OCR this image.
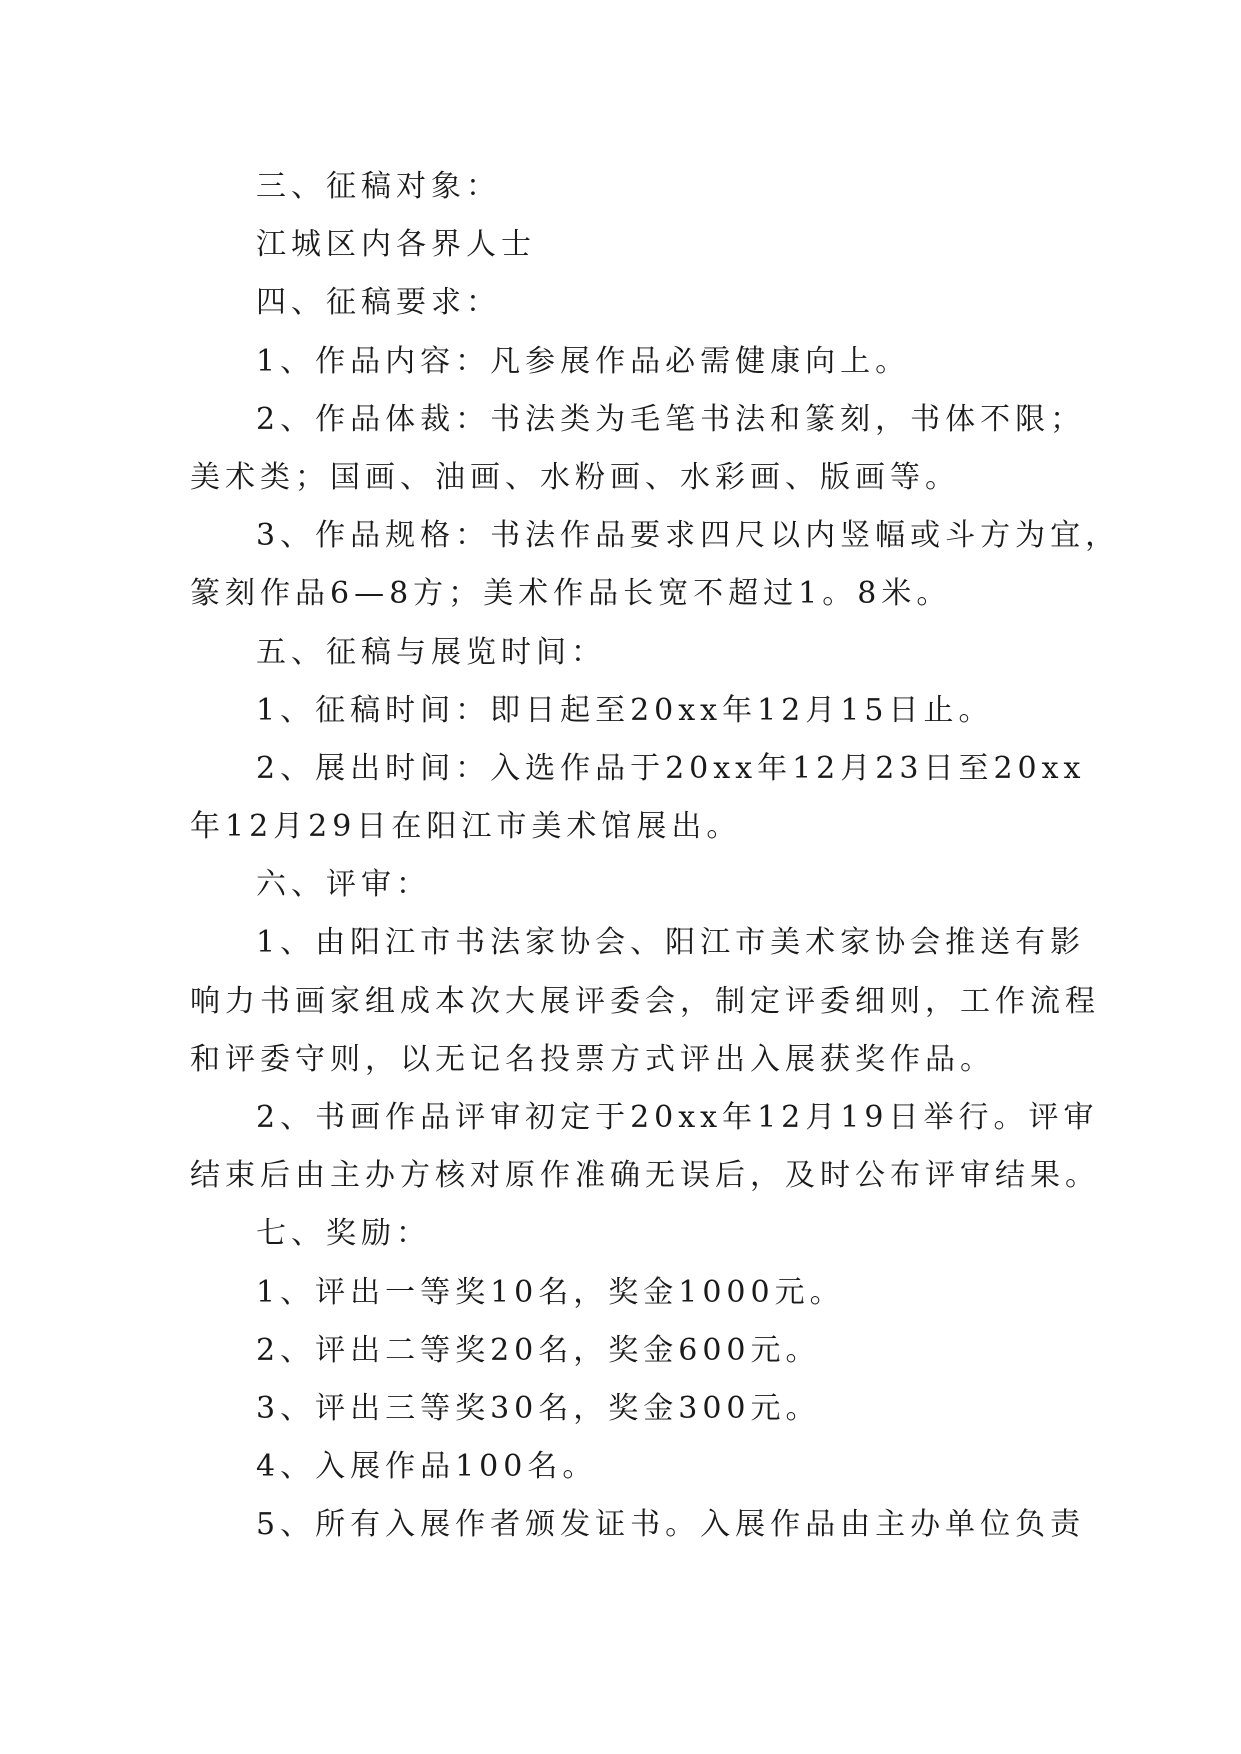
三、征稿对象：

江城区内各界人士

四、征稿要求：

1、作品内容：凡参展作品必需健康向上。

2、作品体裁：书法类为毛笔书法和篆刻，书体不限；

美术类；国画、油画、水粉画、水彩画、版画等。

3、作品规格：书法作品要求四尺以内竖幅或斗方为宜，

篆刻作品6—8方；美术作品长宽不超过1。8米。

五、征稿与展览时间：

1、征稿时间：即日起至20xx年12月15日止。

2、展出时间：入选作品于20xx年12月23日至20xx

年12月29日在阳江市美术馆展出。

六、评审：

1、由阳江市书法家协会、阳江市美术家协会推送有影

响力书画家组成本次大展评委会，制定评委细则，工作流程

和评委守则，以无记名投票方式评出入展获奖作品。

2、书画作品评审初定于20xx年12月19日举行。评审

结束后由主办方核对原作准确无误后，及时公布评审结果。

七、奖励：

1、评出一等奖10名，奖金1000元。

2、评出二等奖20名，奖金600元。

3、评出三等奖30名，奖金300元。

4、入展作品100名。

5、所有入展作者颁发证书。入展作品由主办单位负责
